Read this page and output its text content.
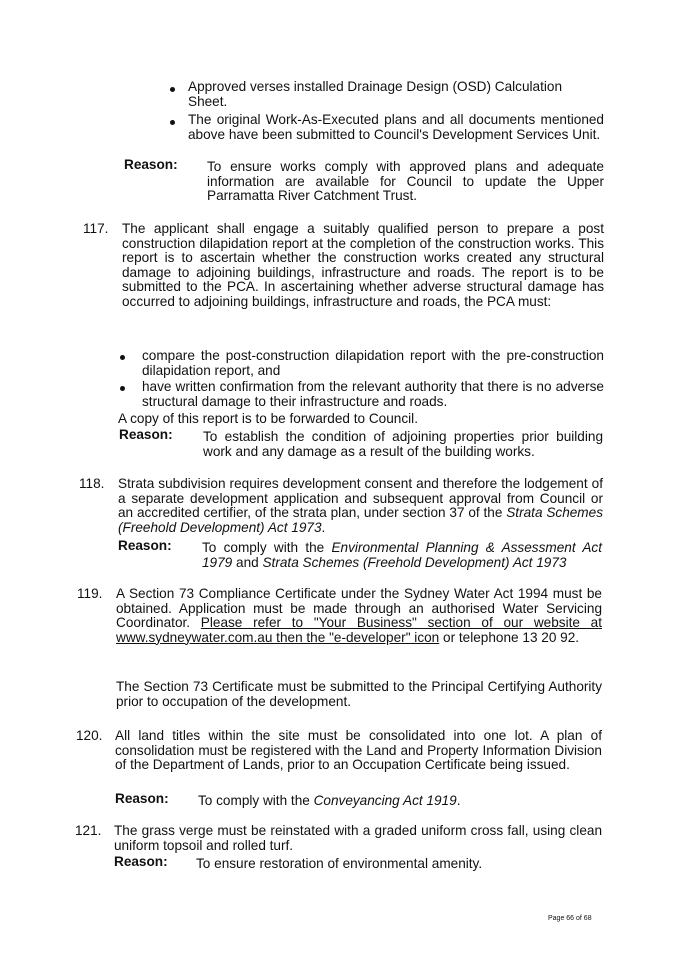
Approved verses installed Drainage Design (OSD) Calculation Sheet.
The original Work-As-Executed plans and all documents mentioned above have been submitted to Council's Development Services Unit.
Reason: To ensure works comply with approved plans and adequate information are available for Council to update the Upper Parramatta River Catchment Trust.
117. The applicant shall engage a suitably qualified person to prepare a post construction dilapidation report at the completion of the construction works. This report is to ascertain whether the construction works created any structural damage to adjoining buildings, infrastructure and roads. The report is to be submitted to the PCA. In ascertaining whether adverse structural damage has occurred to adjoining buildings, infrastructure and roads, the PCA must:
compare the post-construction dilapidation report with the pre-construction dilapidation report, and
have written confirmation from the relevant authority that there is no adverse structural damage to their infrastructure and roads.
A copy of this report is to be forwarded to Council.
Reason: To establish the condition of adjoining properties prior building work and any damage as a result of the building works.
118. Strata subdivision requires development consent and therefore the lodgement of a separate development application and subsequent approval from Council or an accredited certifier, of the strata plan, under section 37 of the Strata Schemes (Freehold Development) Act 1973.
Reason: To comply with the Environmental Planning & Assessment Act 1979 and Strata Schemes (Freehold Development) Act 1973
119. A Section 73 Compliance Certificate under the Sydney Water Act 1994 must be obtained. Application must be made through an authorised Water Servicing Coordinator. Please refer to "Your Business" section of our website at www.sydneywater.com.au then the "e-developer" icon or telephone 13 20 92.
The Section 73 Certificate must be submitted to the Principal Certifying Authority prior to occupation of the development.
120. All land titles within the site must be consolidated into one lot. A plan of consolidation must be registered with the Land and Property Information Division of the Department of Lands, prior to an Occupation Certificate being issued.
Reason: To comply with the Conveyancing Act 1919.
121. The grass verge must be reinstated with a graded uniform cross fall, using clean uniform topsoil and rolled turf.
Reason: To ensure restoration of environmental amenity.
Page 66 of 68
